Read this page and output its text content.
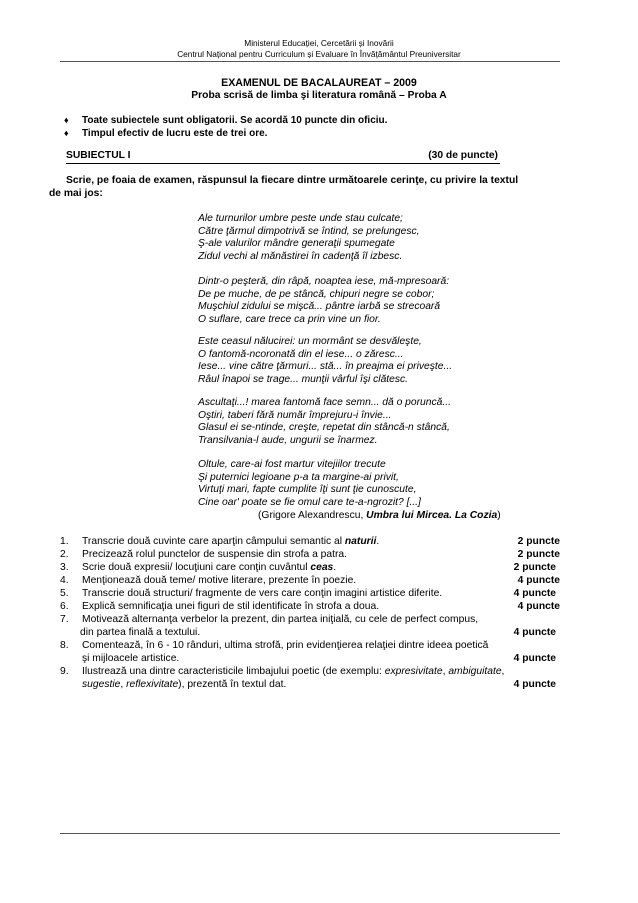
Ministerul Educației, Cercetării și Inovării
Centrul Național pentru Curriculum și Evaluare în Învățământul Preuniversitar
EXAMENUL DE BACALAUREAT – 2009
Proba scrisă de limba şi literatura română – Proba A
♦ Toate subiectele sunt obligatorii. Se acordă 10 puncte din oficiu.
♦ Timpul efectiv de lucru este de trei ore.
SUBIECTUL I	(30 de puncte)
Scrie, pe foaia de examen, răspunsul la fiecare dintre următoarele cerinţe, cu privire la textul
de mai jos:
Ale turnurilor umbre peste unde stau culcate;
Către ţărmul dimpotrivă se întind, se prelungesc,
Ş-ale valurilor mândre generaţii spumegate
Zidul vechi al mănăstirei în cadenţă îl izbesc.
Dintr-o peşteră, din râpă, noaptea iese, mă-mpresoară:
De pe muche, de pe stâncă, chipuri negre se cobor;
Muşchiul zidului se mişcă... pântre iarbă se strecoară
O suflare, care trece ca prin vine un fior.
Este ceasul nălucirei: un mormânt se desvăleşte,
O fantomă-ncoronată din el iese... o zăresc...
Iese... vine către ţărmuri... stă... în preajma ei priveşte...
Râul înapoi se trage... munţii vârful îşi clătesc.
Ascultaţi...! marea fantomă face semn... dă o poruncă...
Oştiri, taberi fără număr împrejuru-i învie...
Glasul ei se-ntinde, creşte, repetat din stâncă-n stâncă,
Transilvania-l aude, ungurii se înarmez.
Oltule, care-ai fost martur vitejiilor trecute
Şi puternici legioane p-a ta margine-ai privit,
Virtuţi mari, fapte cumplite îţi sunt ţie cunoscute,
Cine oar' poate se fie omul care te-a-ngrozit? [...]
(Grigore Alexandrescu, Umbra lui Mircea. La Cozia)
1. Transcrie două cuvinte care aparţin câmpului semantic al naturii.	2 puncte
2. Precizează rolul punctelor de suspensie din strofa a patra.	2 puncte
3. Scrie două expresii/ locuţiuni care conţin cuvântul ceas.	2 puncte
4. Menţionează două teme/ motive literare, prezente în poezie.	4 puncte
5. Transcrie două structuri/ fragmente de vers care conţin imagini artistice diferite.	4 puncte
6. Explică semnificaţia unei figuri de stil identificate în strofa a doua.	4 puncte
7. Motivează alternanţa verbelor la prezent, din partea iniţială, cu cele de perfect compus,
din partea finală a textului.	4 puncte
8. Comentează, în 6 - 10 rânduri, ultima strofă, prin evidenţierea relaţiei dintre ideea poetică
şi mijloacele artistice.	4 puncte
9. Ilustrează una dintre caracteristicile limbajului poetic (de exemplu: expresivitate, ambiguitate,
sugestie, reflexivitate), prezentă în textul dat.	4 puncte
